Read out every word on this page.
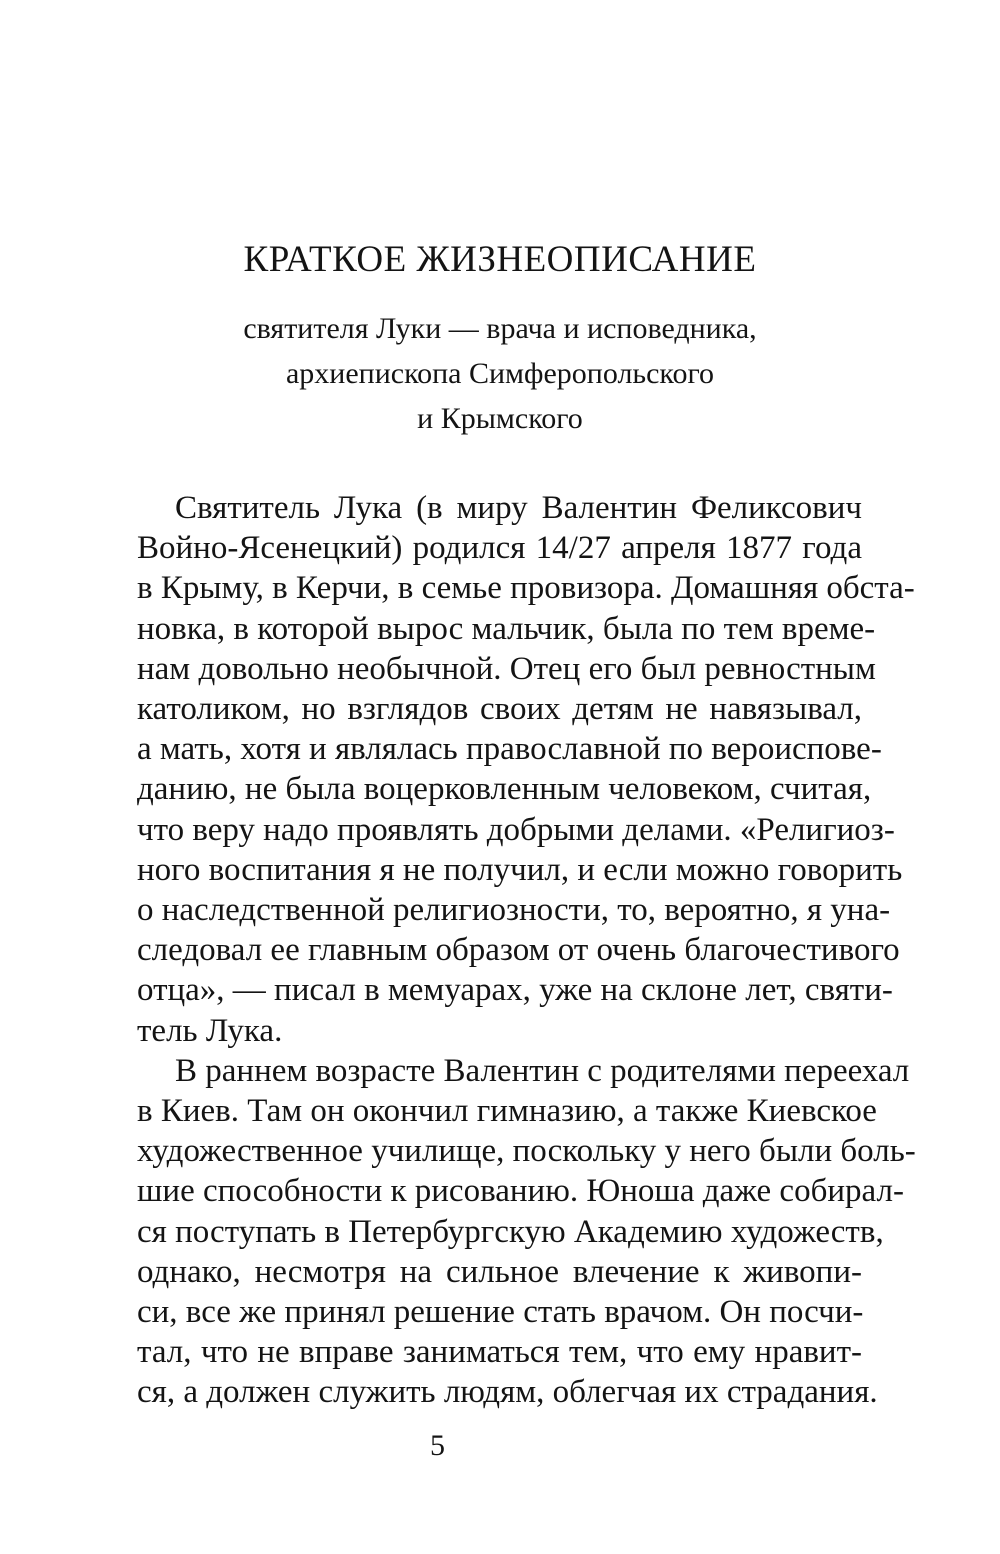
КРАТКОЕ ЖИЗНЕОПИСАНИЕ
святителя Луки — врача и исповедника,
архиепископа Симферопольского
и Крымского

Святитель Лука (в миру Валентин Феликсович
Войно-Ясенецкий) родился 14/27 апреля 1877 года
в Крыму, в Керчи, в семье провизора. Домашняя обста-
новка, в которой вырос мальчик, была по тем време-
нам довольно необычной. Отец его был ревностным
католиком, но взглядов своих детям не навязывал,
а мать, хотя и являлась православной по вероиспове-
данию, не была воцерковленным человеком, считая,
что веру надо проявлять добрыми делами. «Религиоз-
ного воспитания я не получил, и если можно говорить
о наследственной религиозности, то, вероятно, я уна-
следовал ее главным образом от очень благочестивого
отца», — писал в мемуарах, уже на склоне лет, святи-
тель Лука.

В раннем возрасте Валентин с родителями переехал
в Киев. Там он окончил гимназию, а также Киевское
художественное училище, поскольку у него были боль-
шие способности к рисованию. Юноша даже собирал-
ся поступать в Петербургскую Академию художеств,
однако, несмотря на сильное влечение к живопи-
си, все же принял решение стать врачом. Он посчи-
тал, что не вправе заниматься тем, что ему нравит-
ся, а должен служить людям, облегчая их страдания.

5
